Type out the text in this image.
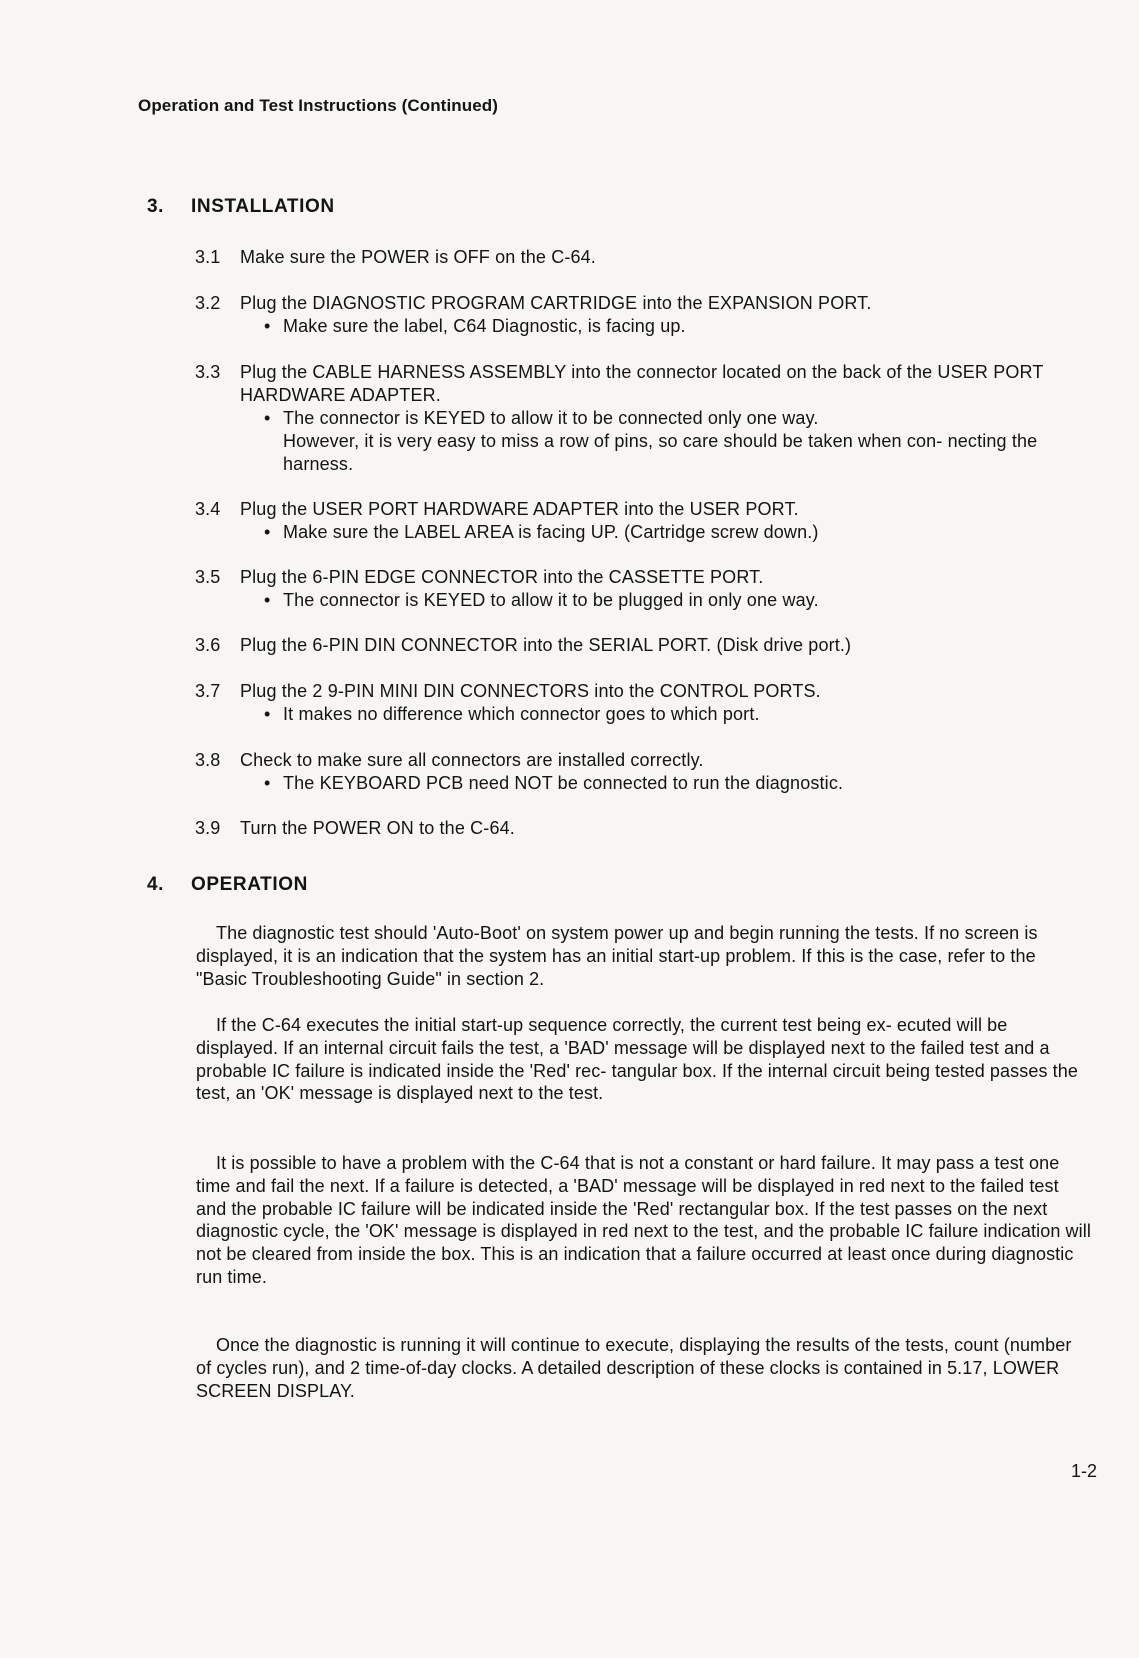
Operation and Test Instructions (Continued)
3. INSTALLATION
3.1 Make sure the POWER is OFF on the C-64.
3.2 Plug the DIAGNOSTIC PROGRAM CARTRIDGE into the EXPANSION PORT.
• Make sure the label, C64 Diagnostic, is facing up.
3.3 Plug the CABLE HARNESS ASSEMBLY into the connector located on the back of the USER PORT HARDWARE ADAPTER.
• The connector is KEYED to allow it to be connected only one way.
However, it is very easy to miss a row of pins, so care should be taken when con- necting the harness.
3.4 Plug the USER PORT HARDWARE ADAPTER into the USER PORT.
• Make sure the LABEL AREA is facing UP. (Cartridge screw down.)
3.5 Plug the 6-PIN EDGE CONNECTOR into the CASSETTE PORT.
• The connector is KEYED to allow it to be plugged in only one way.
3.6 Plug the 6-PIN DIN CONNECTOR into the SERIAL PORT. (Disk drive port.)
3.7 Plug the 2 9-PIN MINI DIN CONNECTORS into the CONTROL PORTS.
• It makes no difference which connector goes to which port.
3.8 Check to make sure all connectors are installed correctly.
• The KEYBOARD PCB need NOT be connected to run the diagnostic.
3.9 Turn the POWER ON to the C-64.
4. OPERATION

The diagnostic test should 'Auto-Boot' on system power up and begin running the tests. If no screen is displayed, it is an indication that the system has an initial start-up problem. If this is the case, refer to the "Basic Troubleshooting Guide" in section 2.

If the C-64 executes the initial start-up sequence correctly, the current test being ex- ecuted will be displayed. If an internal circuit fails the test, a 'BAD' message will be displayed next to the failed test and a probable IC failure is indicated inside the 'Red' rec- tangular box. If the internal circuit being tested passes the test, an 'OK' message is displayed next to the test.

It is possible to have a problem with the C-64 that is not a constant or hard failure. It may pass a test one time and fail the next. If a failure is detected, a 'BAD' message will be displayed in red next to the failed test and the probable IC failure will be indicated inside the 'Red' rectangular box. If the test passes on the next diagnostic cycle, the 'OK' message is displayed in red next to the test, and the probable IC failure indication will not be cleared from inside the box. This is an indication that a failure occurred at least once during diagnostic run time.

Once the diagnostic is running it will continue to execute, displaying the results of the tests, count (number of cycles run), and 2 time-of-day clocks. A detailed description of these clocks is contained in 5.17, LOWER SCREEN DISPLAY.

1-2
